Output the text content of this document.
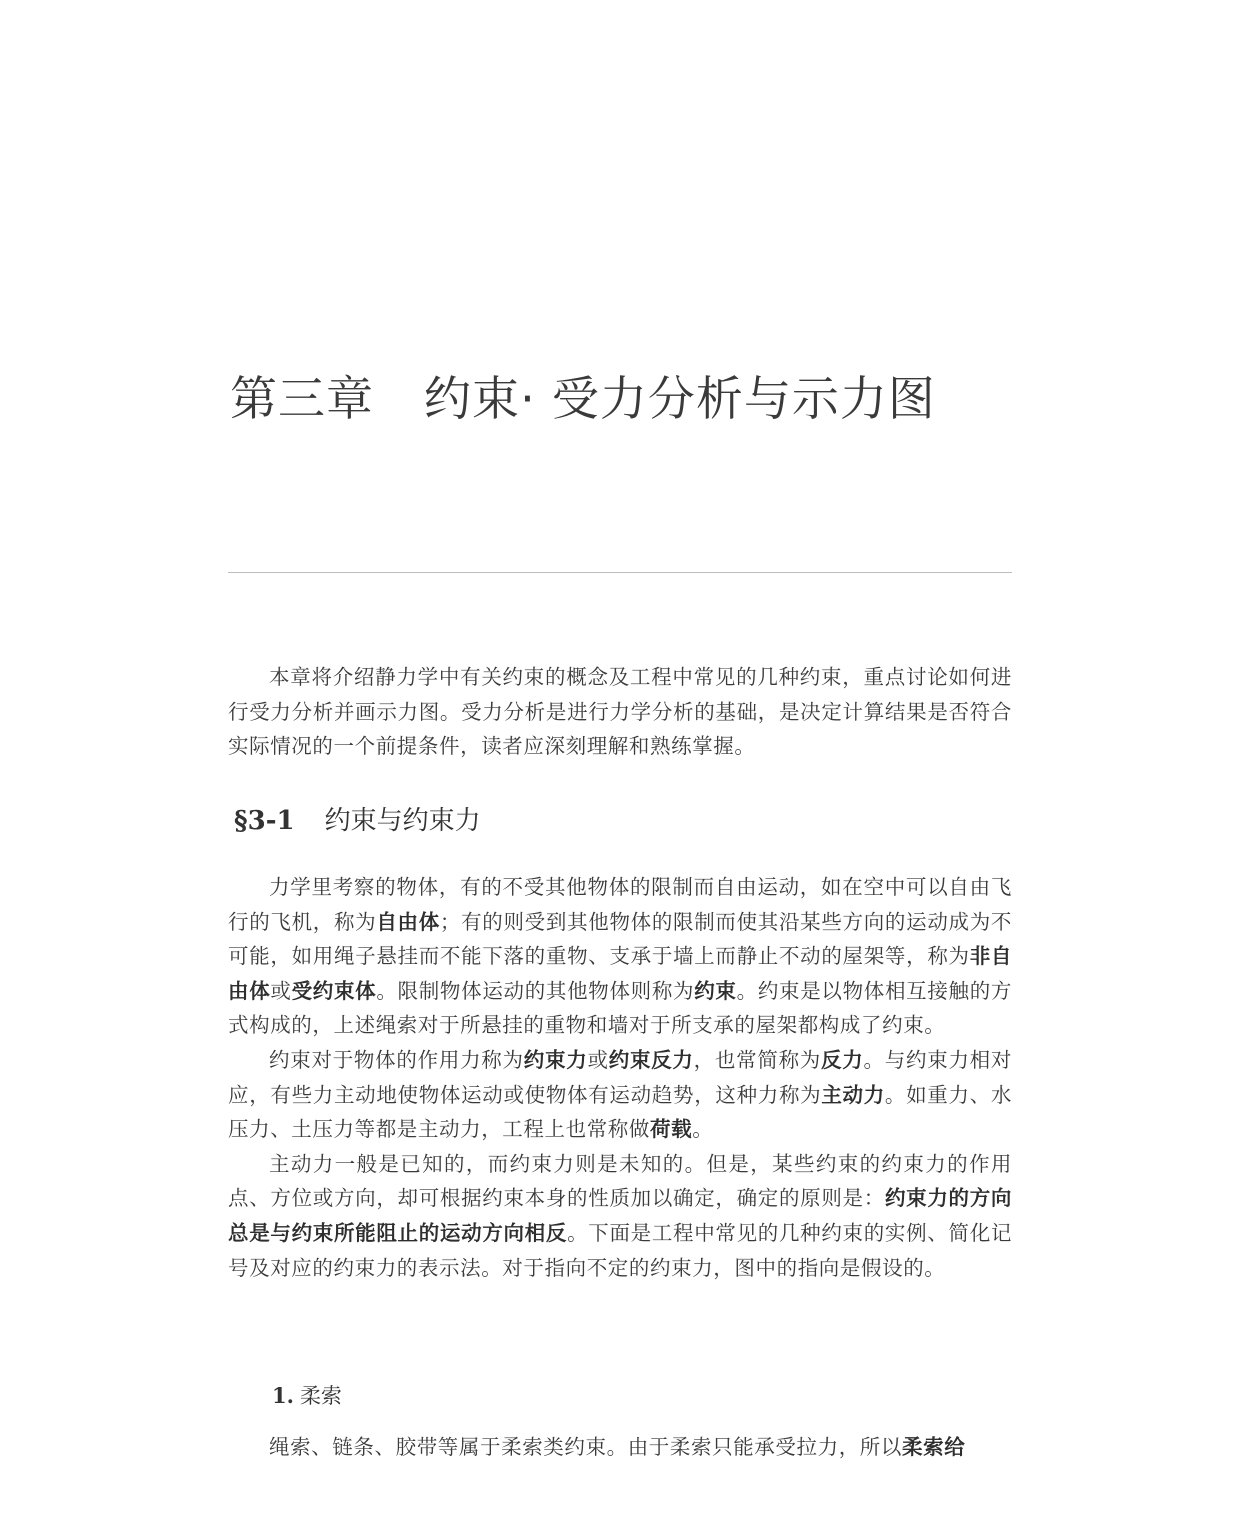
第三章 约束· 受力分析与示力图

本章将介绍静力学中有关约束的概念及工程中常见的几种约束，重点讨论如何进行受力分析并画示力图。受力分析是进行力学分析的基础，是决定计算结果是否符合实际情况的一个前提条件，读者应深刻理解和熟练掌握。

§3-1 约束与约束力

力学里考察的物体，有的不受其他物体的限制而自由运动，如在空中可以自由飞行的飞机，称为自由体；有的则受到其他物体的限制而使其沿某些方向的运动成为不可能，如用绳子悬挂而不能下落的重物、支承于墙上而静止不动的屋架等，称为非自由体或受约束体。限制物体运动的其他物体则称为约束。约束是以物体相互接触的方式构成的，上述绳索对于所悬挂的重物和墙对于所支承的屋架都构成了约束。

约束对于物体的作用力称为约束力或约束反力，也常简称为反力。与约束力相对应，有些力主动地使物体运动或使物体有运动趋势，这种力称为主动力。如重力、水压力、土压力等都是主动力，工程上也常称做荷载。

主动力一般是已知的，而约束力则是未知的。但是，某些约束的约束力的作用点、方位或方向，却可根据约束本身的性质加以确定，确定的原则是：约束力的方向总是与约束所能阻止的运动方向相反。下面是工程中常见的几种约束的实例、简化记号及对应的约束力的表示法。对于指向不定的约束力，图中的指向是假设的。

1. 柔索

绳索、链条、胶带等属于柔索类约束。由于柔索只能承受拉力，所以柔索给
